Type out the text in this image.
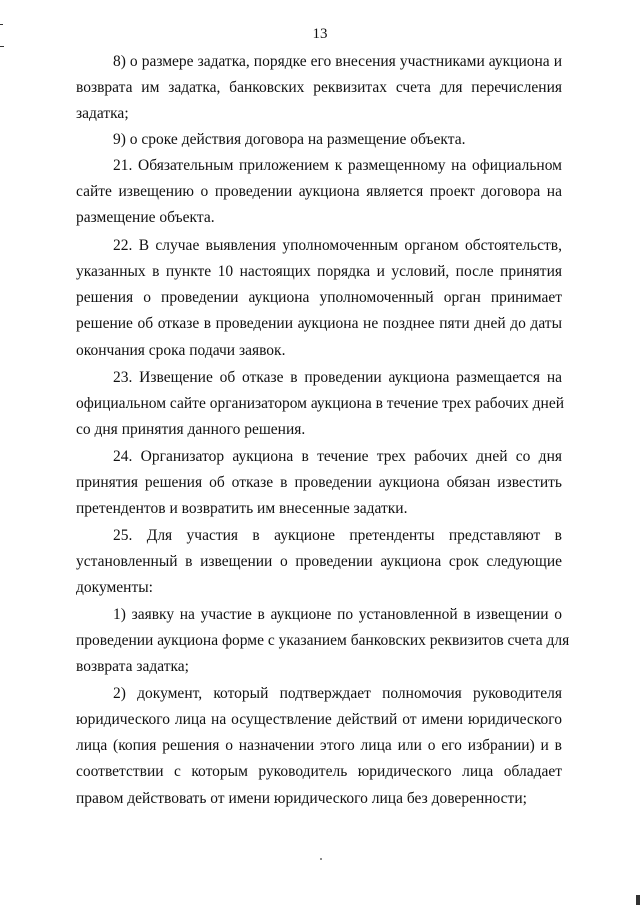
13
8) о размере задатка, порядке его внесения участниками аукциона и
возврата им задатка, банковских реквизитах счета для перечисления
задатка;
9) о сроке действия договора на размещение объекта.
21. Обязательным приложением к размещенному на официальном
сайте извещению о проведении аукциона является проект договора на
размещение объекта.
22. В случае выявления уполномоченным органом обстоятельств,
указанных в пункте 10 настоящих порядка и условий, после принятия
решения о проведении аукциона уполномоченный орган принимает
решение об отказе в проведении аукциона не позднее пяти дней до даты
окончания срока подачи заявок.
23. Извещение об отказе в проведении аукциона размещается на
официальном сайте организатором аукциона в течение трех рабочих дней
со дня принятия данного решения.
24. Организатор аукциона в течение трех рабочих дней со дня
принятия решения об отказе в проведении аукциона обязан известить
претендентов и возвратить им внесенные задатки.
25. Для участия в аукционе претенденты представляют в
установленный в извещении о проведении аукциона срок следующие
документы:
1) заявку на участие в аукционе по установленной в извещении о
проведении аукциона форме с указанием банковских реквизитов счета для
возврата задатка;
2) документ, который подтверждает полномочия руководителя
юридического лица на осуществление действий от имени юридического
лица (копия решения о назначении этого лица или о его избрании) и в
соответствии с которым руководитель юридического лица обладает
правом действовать от имени юридического лица без доверенности;
